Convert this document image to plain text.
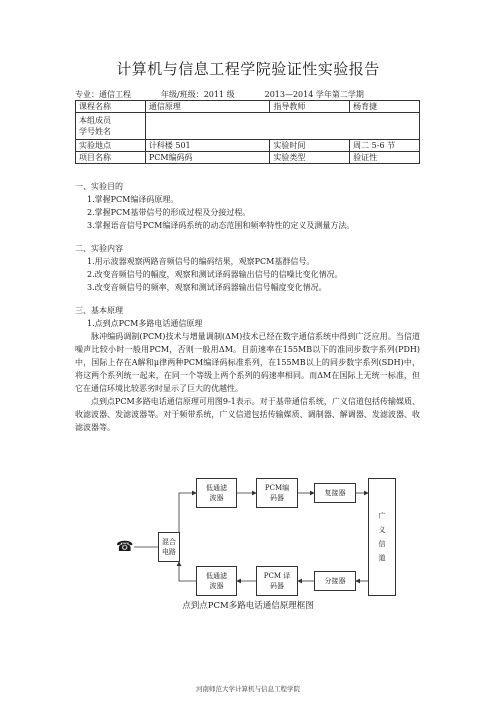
计算机与信息工程学院验证性实验报告
专业：通信工程	年级/班级：2011 级	2013—2014 学年第二学期
课程名称	通信原理	指导教师	杨育捷

本组成员
学号姓名			

实验地点	计科楼 501	实验时间	周二 5-6 节
项目名称	PCM编码码	实验类型	验证性

一、实验目的

1.掌握PCM编译码原理。

2.掌握PCM基带信号的形成过程及分接过程。

3.掌握语音信号PCM编译码系统的动态范围和频率特性的定义及测量方法。

二、实验内容

1.用示波器观察两路音频信号的编码结果，观察PCM基群信号。

2.改变音频信号的幅度，观察和测试译码器输出信号的信噪比变化情况。

3.改变音频信号的频率，观察和测试译码器输出信号幅度变化情况。

三、基本原理

1.点到点PCM多路电话通信原理

脉冲编码调制(PCM)技术与增量调制(ΔM)技术已经在数字通信系统中得到广泛应用。当信道噪声比较小时一般用PCM，否则一般用ΔM。目前速率在155MB以下的准同步数字系列(PDH)中，国际上存在A解和μ律两种PCM编译码标准系列，在155MB以上的同步数字系列(SDH)中，将这两个系列统一起来，在同一个等级上两个系列的码速率相同。而ΔM在国际上无统一标准，但它在通信环境比较恶劣时显示了巨大的优越性。

点到点PCM多路电话通信原理可用图9-1表示。对于基带通信系统，广义信道包括传输媒质、收滤波器、发滤波器等。对于频带系统，广义信道包括传输媒质、调制器、解调器、发滤波器、收滤波器等。

☎	混合
电路
低通滤
波器
PCM编
码器
复接器
广
义
信
道
低通滤
波器
PCM 译
码器
分接器
点到点PCM多路电话通信原理框图
河南师范大学计算机与信息工程学院
